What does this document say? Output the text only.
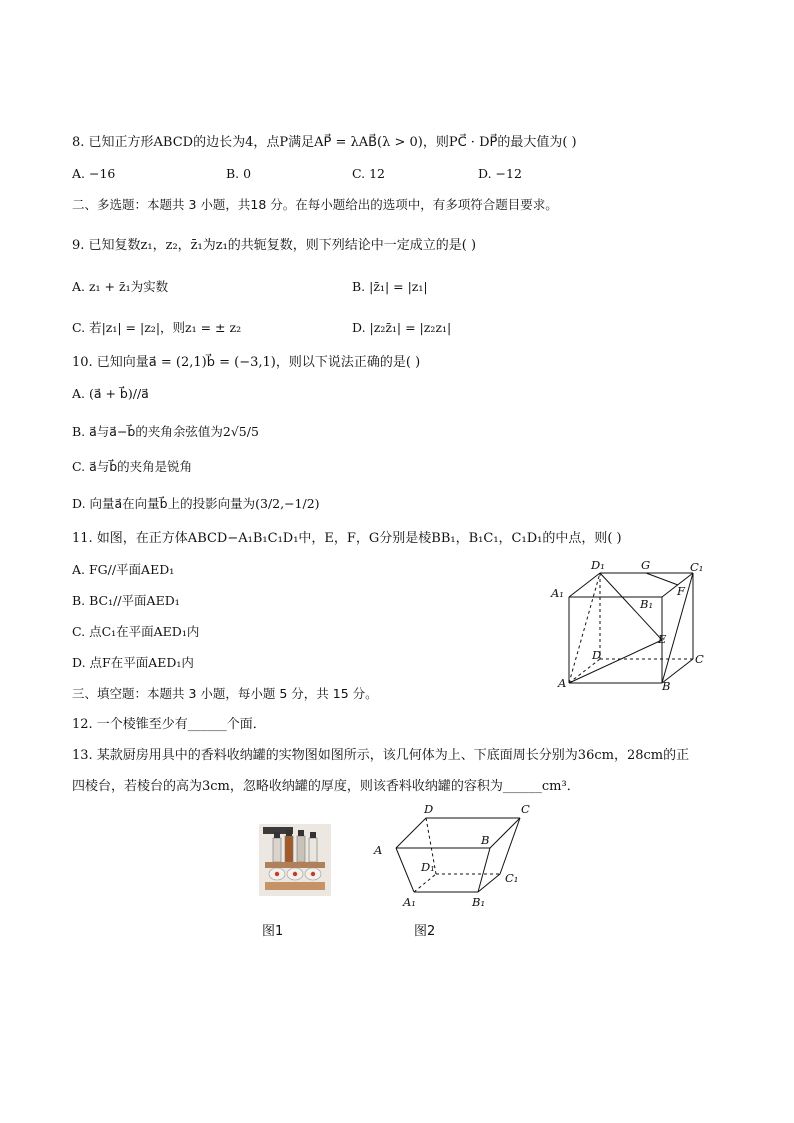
8. 已知正方形ABCD的边长为4，点P满足AP⃗ = λAB⃗(λ > 0)，则PC⃗ · DP⃗的最大值为( )
A. −16	B. 0	C. 12	D. −12
二、多选题：本题共 3 小题，共18 分。在每小题给出的选项中，有多项符合题目要求。
9. 已知复数z₁，z₂，z̄₁为z₁的共轭复数，则下列结论中一定成立的是( )
A. z₁ + z̄₁为实数	B. |z̄₁| = |z₁|
C. 若|z₁| = |z₂|，则z₁ = ± z₂	D. |z₂z̄₁| = |z₂z₁|
10. 已知向量a⃗ = (2,1)b⃗ = (−3,1)，则以下说法正确的是( )
A. (a⃗ + b⃗)//a⃗
B. a⃗与a⃗−b⃗的夹角余弦值为2√5/5
C. a⃗与b⃗的夹角是锐角
D. 向量a⃗在向量b⃗上的投影向量为(3/2,−1/2)
11. 如图，在正方体ABCD−A₁B₁C₁D₁中，E，F，G分别是棱BB₁，B₁C₁，C₁D₁的中点，则( )
A. FG//平面AED₁
B. BC₁//平面AED₁
C. 点C₁在平面AED₁内
D. 点F在平面AED₁内
D₁	G	C₁
A₁
B₁
F
E
D	C
A	B
三、填空题：本题共 3 小题，每小题 5 分，共 15 分。
12. 一个棱锥至少有______个面．
13. 某款厨房用具中的香料收纳罐的实物图如图所示，该几何体为上、下底面周长分别为36cm，28cm的正
四棱台，若棱台的高为3cm，忽略收纳罐的厚度，则该香料收纳罐的容积为______cm³．
图1
D	C
A
B
D₁
C₁
A₁	B₁
图2
